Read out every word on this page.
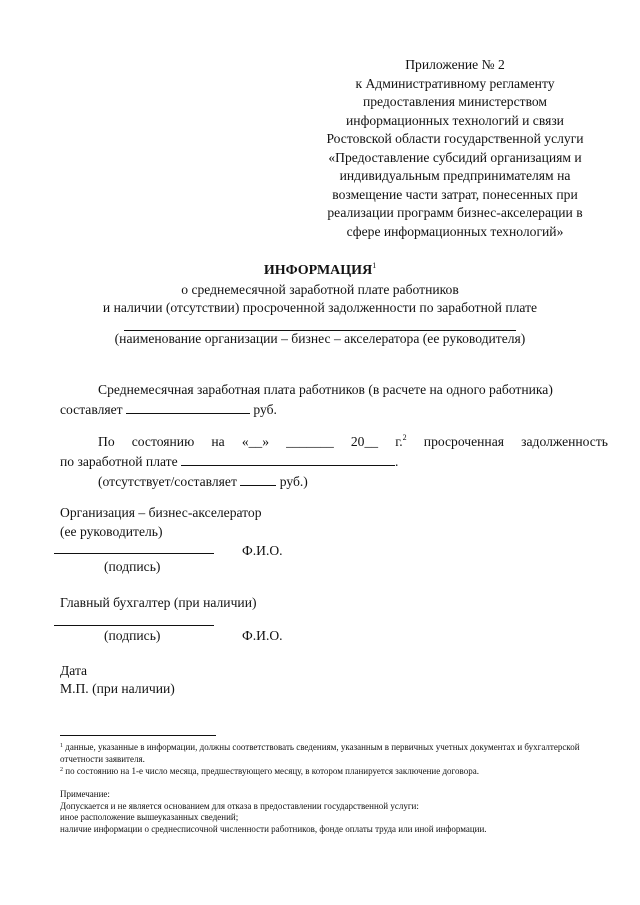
Приложение № 2
к Административному регламенту
предоставления министерством
информационных технологий и связи
Ростовской области государственной услуги
«Предоставление субсидий организациям и
индивидуальным предпринимателям на
возмещение части затрат, понесенных при
реализации программ бизнес-акселерации в
сфере информационных технологий»
ИНФОРМАЦИЯ$^1$
о среднемесячной заработной плате работников
и наличии (отсутствии) просроченной задолженности по заработной плате
(наименование организации – бизнес – акселератора (ее руководителя)
Среднемесячная заработная плата работников (в расчете на одного работника)
составляет	руб.
По состоянию на «__» _______ 20__ г.$^2$ просроченная задолженность
по заработной плате	.
(отсутствует/составляет	руб.)
Организация – бизнес-акселератор
(ее руководитель)
Ф.И.О.
(подпись)
Главный бухгалтер (при наличии)
(подпись)	Ф.И.О.
Дата
М.П. (при наличии)
$^1$ данные, указанные в информации, должны соответствовать сведениям, указанным в первичных учетных документах и бухгалтерской отчетности заявителя.
$^2$ по состоянию на 1-е число месяца, предшествующего месяцу, в котором планируется заключение договора.
Примечание:
Допускается и не является основанием для отказа в предоставлении государственной услуги:
иное расположение вышеуказанных сведений;
наличие информации о среднесписочной численности работников, фонде оплаты труда или иной информации.
